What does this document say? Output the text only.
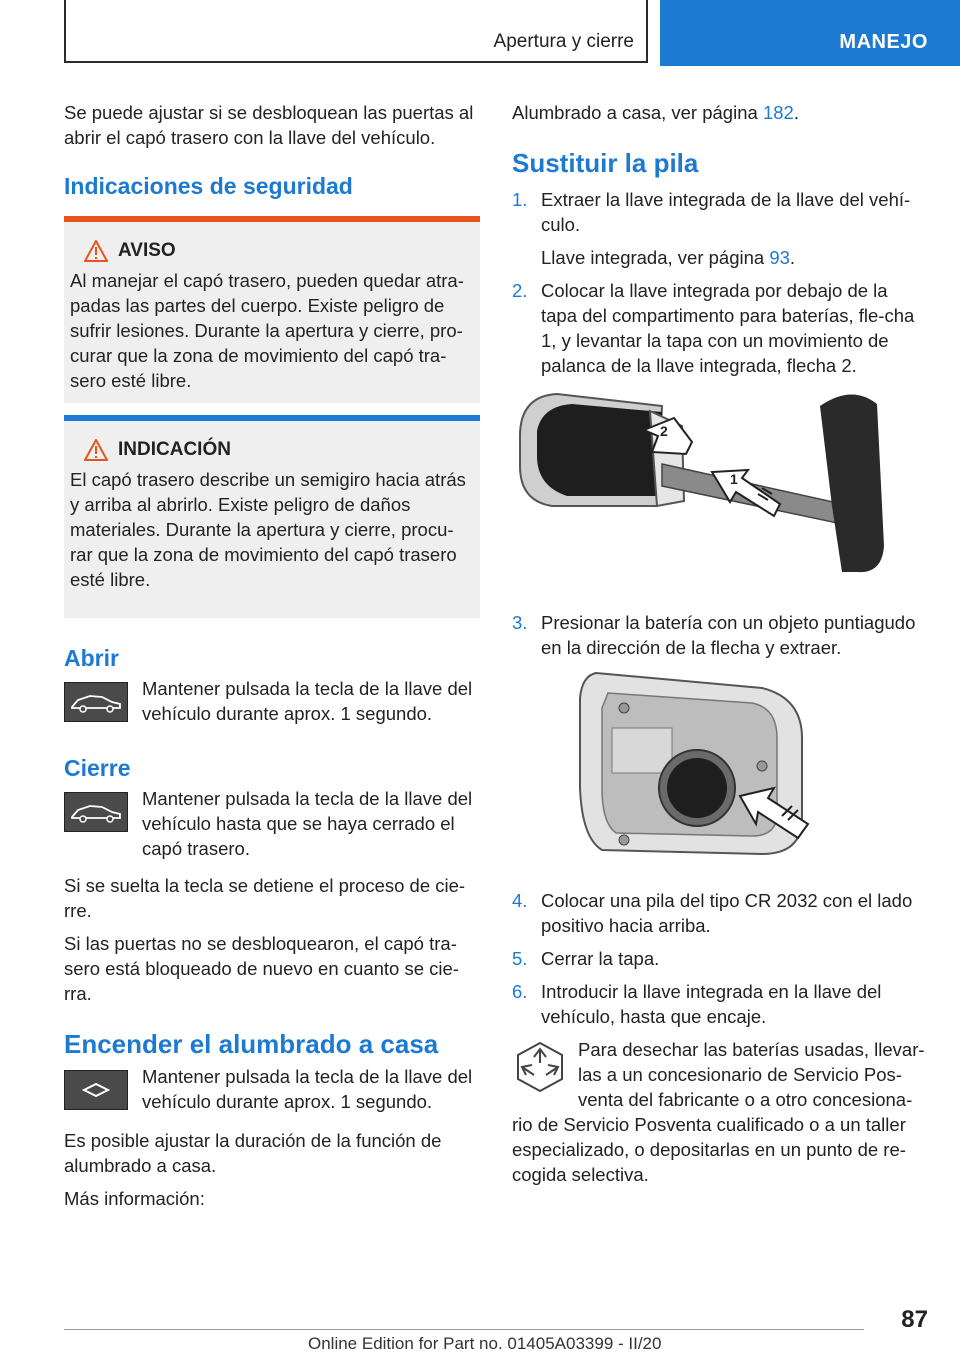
Apertura y cierre	MANEJO

Se puede ajustar si se desbloquean las puertas al abrir el capó trasero con la llave del vehículo.

Indicaciones de seguridad
AVISO

Al manejar el capó trasero, pueden quedar atra-padas las partes del cuerpo. Existe peligro de sufrir lesiones. Durante la apertura y cierre, pro-curar que la zona de movimiento del capó tra-sero esté libre.

INDICACIÓN

El capó trasero describe un semigiro hacia atrás y arriba al abrirlo. Existe peligro de daños materiales. Durante la apertura y cierre, procu-rar que la zona de movimiento del capó trasero esté libre.

Abrir

Mantener pulsada la tecla de la llave del vehículo durante aprox. 1 segundo.

Cierre

Mantener pulsada la tecla de la llave del vehículo hasta que se haya cerrado el capó trasero.

Si se suelta la tecla se detiene el proceso de cie-rre.

Si las puertas no se desbloquearon, el capó tra-sero está bloqueado de nuevo en cuanto se cie-rra.

Encender el alumbrado a casa

Mantener pulsada la tecla de la llave del vehículo durante aprox. 1 segundo.

Es posible ajustar la duración de la función de alumbrado a casa.

Más información:

Alumbrado a casa, ver página 182.

Sustituir la pila
1. Extraer la llave integrada de la llave del vehí-culo.

Llave integrada, ver página 93.

2. Colocar la llave integrada por debajo de la tapa del compartimento para baterías, fle-cha 1, y levantar la tapa con un movimiento de palanca de la llave integrada, flecha 2.

1
2
3. Presionar la batería con un objeto puntiagudo en la dirección de la flecha y extraer.

4. Colocar una pila del tipo CR 2032 con el lado positivo hacia arriba.

5. Cerrar la tapa.

6. Introducir la llave integrada en la llave del vehículo, hasta que encaje.

Para desechar las baterías usadas, llevar-las a un concesionario de Servicio Pos-venta del fabricante o a otro concesiona-

rio de Servicio Posventa cualificado o a un taller especializado, o depositarlas en un punto de re-cogida selectiva.

87
Online Edition for Part no. 01405A03399 - II/20
